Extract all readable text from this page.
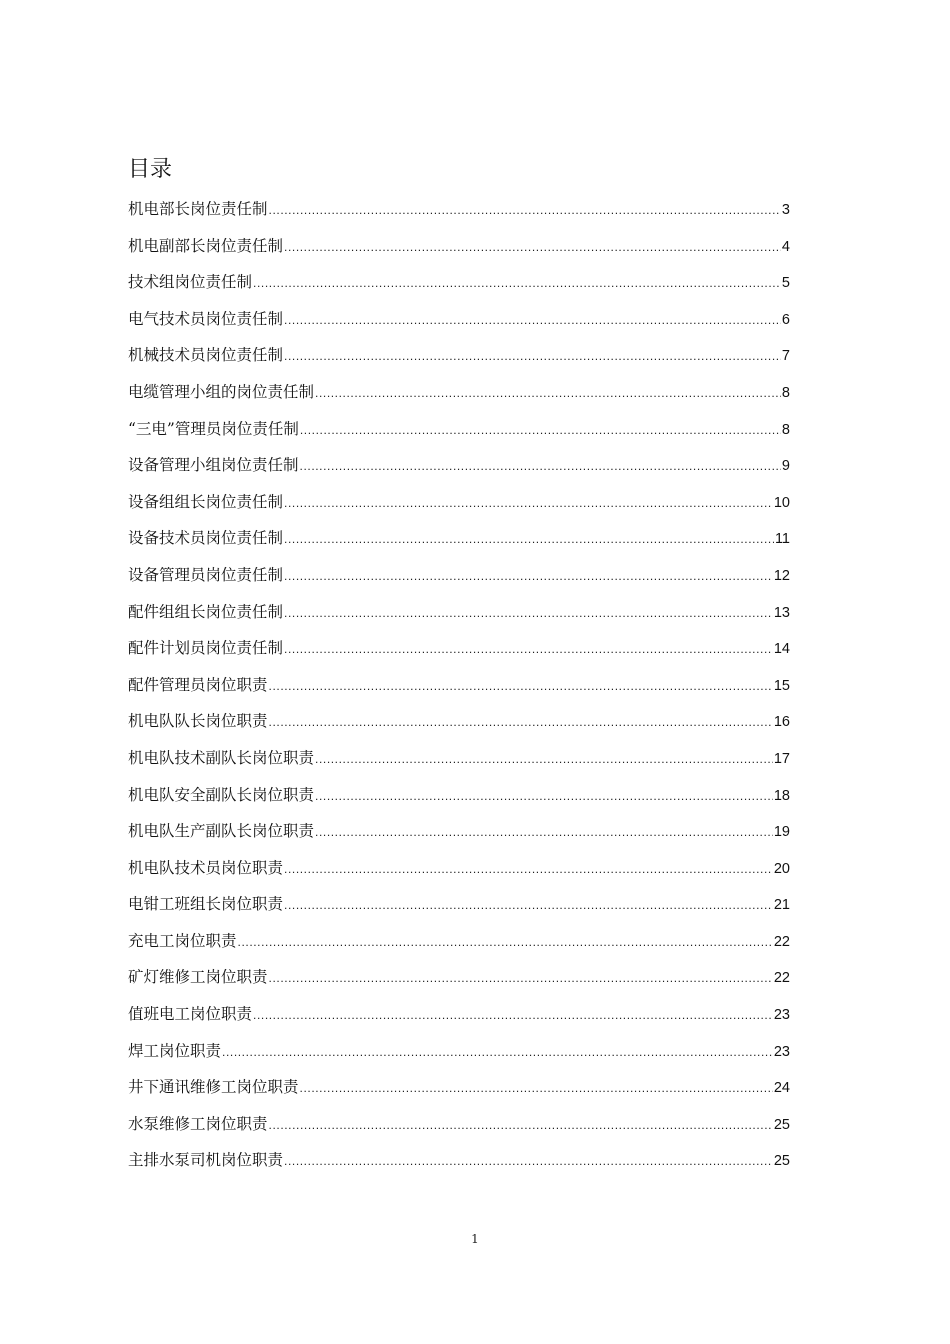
目录
机电部长岗位责任制 .....	3
机电副部长岗位责任制 .....	4
技术组岗位责任制 .....	5
电气技术员岗位责任制 .....	6
机械技术员岗位责任制 .....	7
电缆管理小组的岗位责任制 .....	8
“三电”管理员岗位责任制 .....	8
设备管理小组岗位责任制 .....	9
设备组组长岗位责任制 .....	10
设备技术员岗位责任制 .....	11
设备管理员岗位责任制 .....	12
配件组组长岗位责任制 .....	13
配件计划员岗位责任制 .....	14
配件管理员岗位职责 .....	15
机电队队长岗位职责 .....	16
机电队技术副队长岗位职责 .....	17
机电队安全副队长岗位职责 .....	18
机电队生产副队长岗位职责 .....	19
机电队技术员岗位职责 .....	20
电钳工班组长岗位职责 .....	21
充电工岗位职责 .....	22
矿灯维修工岗位职责 .....	22
值班电工岗位职责 .....	23
焊工岗位职责 .....	23
井下通讯维修工岗位职责 .....	24
水泵维修工岗位职责 .....	25
主排水泵司机岗位职责 .....	25
1
